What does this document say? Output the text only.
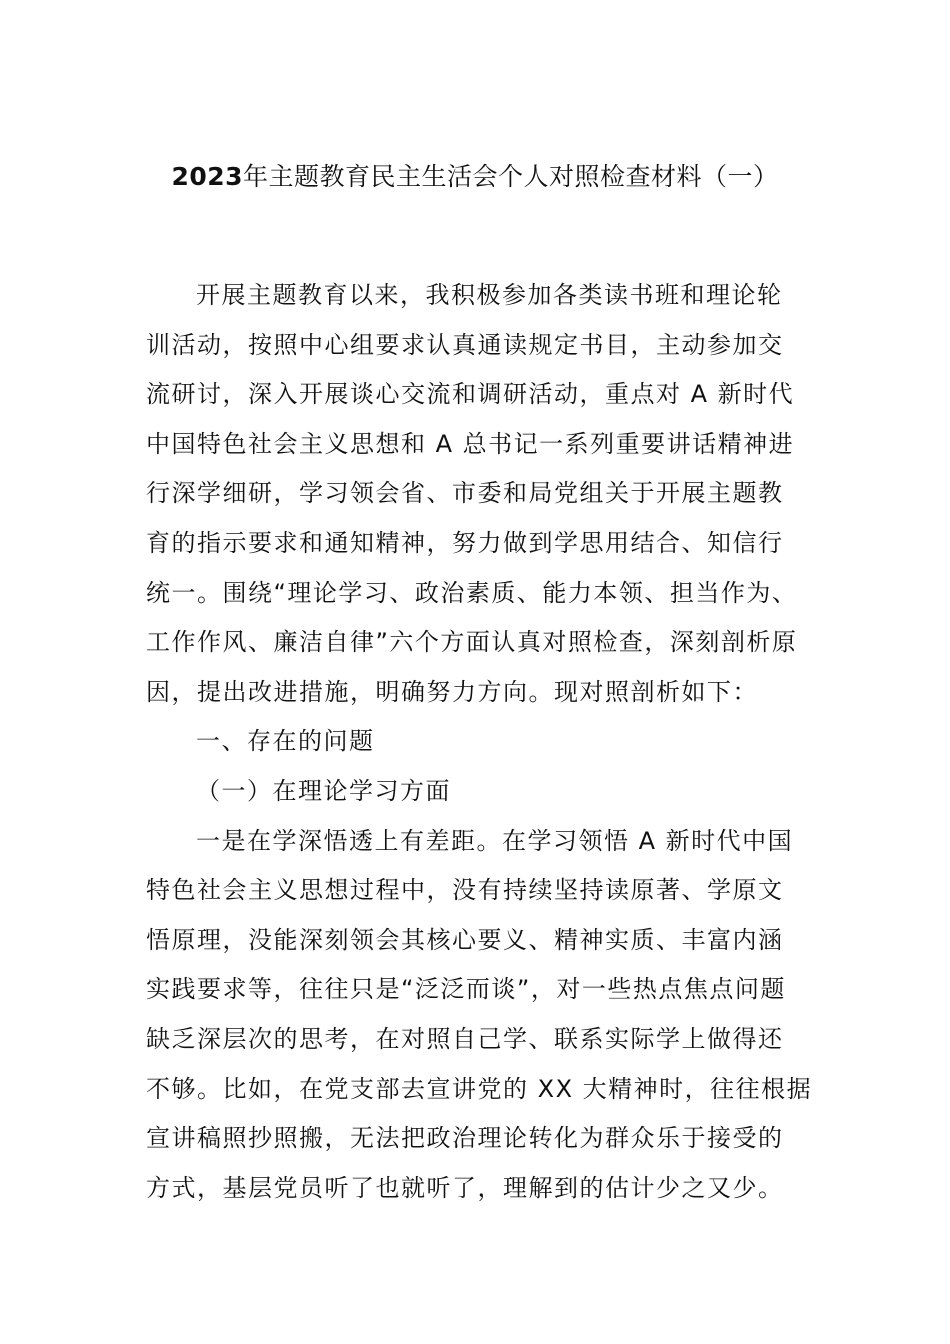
2023年主题教育民主生活会个人对照检查材料（一）
开展主题教育以来，我积极参加各类读书班和理论轮
训活动，按照中心组要求认真通读规定书目，主动参加交
流研讨，深入开展谈心交流和调研活动，重点对 A 新时代
中国特色社会主义思想和 A 总书记一系列重要讲话精神进
行深学细研，学习领会省、市委和局党组关于开展主题教
育的指示要求和通知精神，努力做到学思用结合、知信行
统一。围绕“理论学习、政治素质、能力本领、担当作为、
工作作风、廉洁自律”六个方面认真对照检查，深刻剖析原
因，提出改进措施，明确努力方向。现对照剖析如下：
一、存在的问题
（一）在理论学习方面
一是在学深悟透上有差距。在学习领悟 A 新时代中国
特色社会主义思想过程中，没有持续坚持读原著、学原文
悟原理，没能深刻领会其核心要义、精神实质、丰富内涵
实践要求等，往往只是“泛泛而谈”，对一些热点焦点问题
缺乏深层次的思考，在对照自己学、联系实际学上做得还
不够。比如，在党支部去宣讲党的 XX 大精神时，往往根据
宣讲稿照抄照搬，无法把政治理论转化为群众乐于接受的
方式，基层党员听了也就听了，理解到的估计少之又少。
